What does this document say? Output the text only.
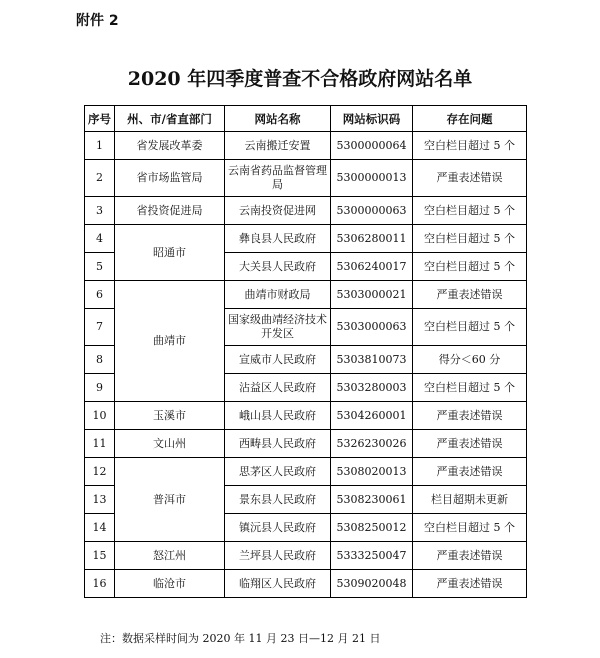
附件 2
2020 年四季度普查不合格政府网站名单
序号	州、市/省直部门	网站名称	网站标识码	存在问题
1	省发展改革委	云南搬迁安置	5300000064	空白栏目超过 5 个
2	省市场监管局	云南省药品监督管理局	5300000013	严重表述错误
3	省投资促进局	云南投资促进网	5300000063	空白栏目超过 5 个
4	昭通市	彝良县人民政府	5306280011	空白栏目超过 5 个
5		大关县人民政府	5306240017	空白栏目超过 5 个
6	曲靖市	曲靖市财政局	5303000021	严重表述错误
7		国家级曲靖经济技术开发区	5303000063	空白栏目超过 5 个
8		宣威市人民政府	5303810073	得分＜60 分
9		沾益区人民政府	5303280003	空白栏目超过 5 个
10	玉溪市	峨山县人民政府	5304260001	严重表述错误
11	文山州	西畴县人民政府	5326230026	严重表述错误
12	普洱市	思茅区人民政府	5308020013	严重表述错误
13		景东县人民政府	5308230061	栏目超期未更新
14		镇沅县人民政府	5308250012	空白栏目超过 5 个
15	怒江州	兰坪县人民政府	5333250047	严重表述错误
16	临沧市	临翔区人民政府	5309020048	严重表述错误
注：数据采样时间为 2020 年 11 月 23 日—12 月 21 日
